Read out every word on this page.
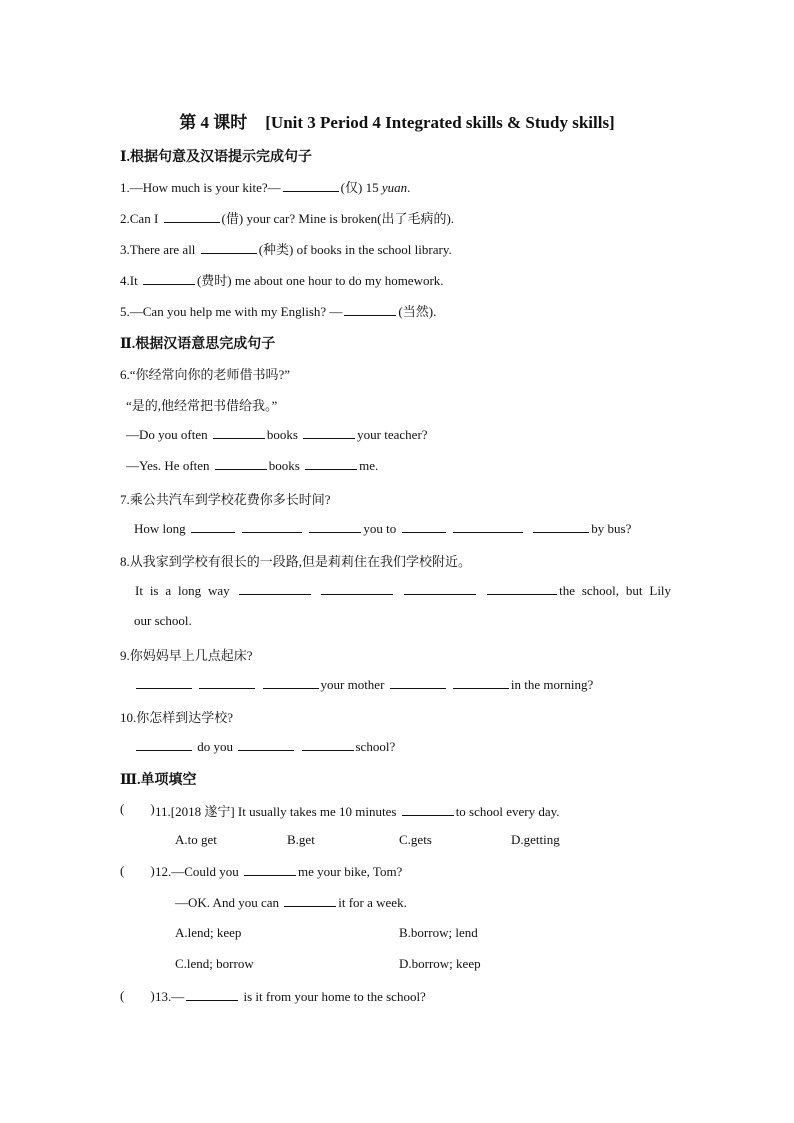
第 4 课时 [Unit 3 Period 4 Integrated skills & Study skills]
Ⅰ.根据句意及汉语提示完成句子
1.—How much is your kite?—	(仅) 15 yuan.
2.Can I	(借) your car? Mine is broken(出了毛病的).
3.There are all	(种类) of books in the school library.
4.It	(费时) me about one hour to do my homework.
5.—Can you help me with my English? —	(当然).
Ⅱ.根据汉语意思完成句子
6.“你经常向你的老师借书吗?”
“是的,他经常把书借给我。”
—Do you often	books	your teacher?
—Yes. He often	books	me.
7.乘公共汽车到学校花费你多长时间?
How long	you to	by bus?
8.从我家到学校有很长的一段路,但是莉莉住在我们学校附近。
It is a long way	the school, but Lily
our school.
9.你妈妈早上几点起床?
your mother	in the morning?
10.你怎样到达学校?
do you	school?
Ⅲ.单项填空
( ) 11.[2018 遂宁] It usually takes me 10 minutes	to school every day.
A.to get	B.get	C.gets	D.getting
( ) 12.—Could you	me your bike, Tom?
—OK. And you can	it for a week.
A.lend; keep	B.borrow; lend
C.lend; borrow	D.borrow; keep
( ) 13.—	is it from your home to the school?
